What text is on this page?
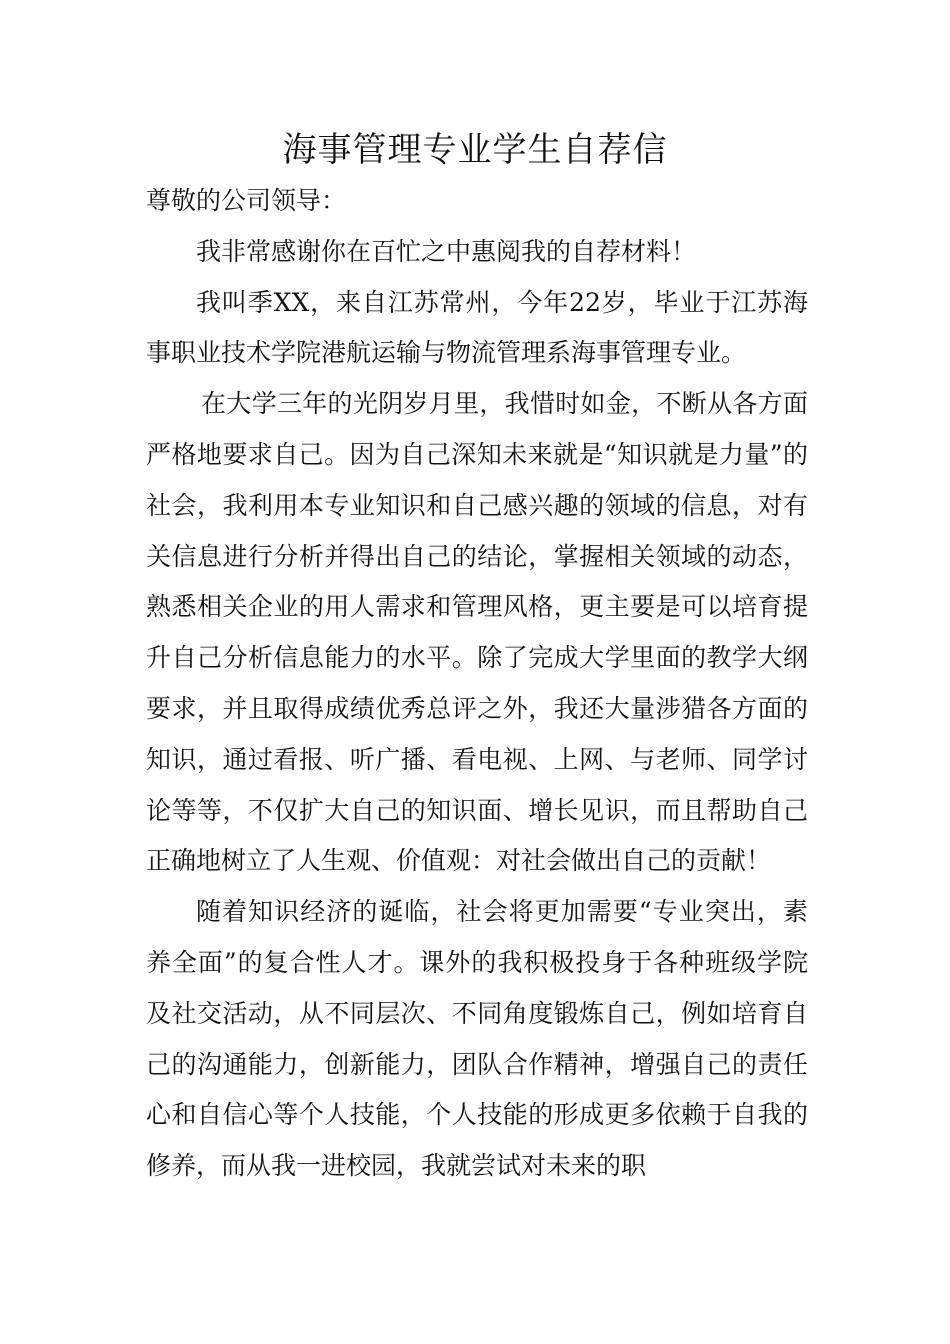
海事管理专业学生自荐信

尊敬的公司领导：

我非常感谢你在百忙之中惠阅我的自荐材料！

我叫季XX，来自江苏常州，今年22岁，毕业于江苏海事职业技术学院港航运输与物流管理系海事管理专业。

在大学三年的光阴岁月里，我惜时如金，不断从各方面严格地要求自己。因为自己深知未来就是“知识就是力量”的社会，我利用本专业知识和自己感兴趣的领域的信息，对有关信息进行分析并得出自己的结论，掌握相关领域的动态，熟悉相关企业的用人需求和管理风格，更主要是可以培育提升自己分析信息能力的水平。除了完成大学里面的教学大纲要求，并且取得成绩优秀总评之外，我还大量涉猎各方面的知识，通过看报、听广播、看电视、上网、与老师、同学讨论等等，不仅扩大自己的知识面、增长见识，而且帮助自己正确地树立了人生观、价值观：对社会做出自己的贡献！

随着知识经济的诞临，社会将更加需要“专业突出，素养全面”的复合性人才。课外的我积极投身于各种班级学院及社交活动，从不同层次、不同角度锻炼自己，例如培育自己的沟通能力，创新能力，团队合作精神，增强自己的责任心和自信心等个人技能，个人技能的形成更多依赖于自我的修养，而从我一进校园，我就尝试对未来的职
